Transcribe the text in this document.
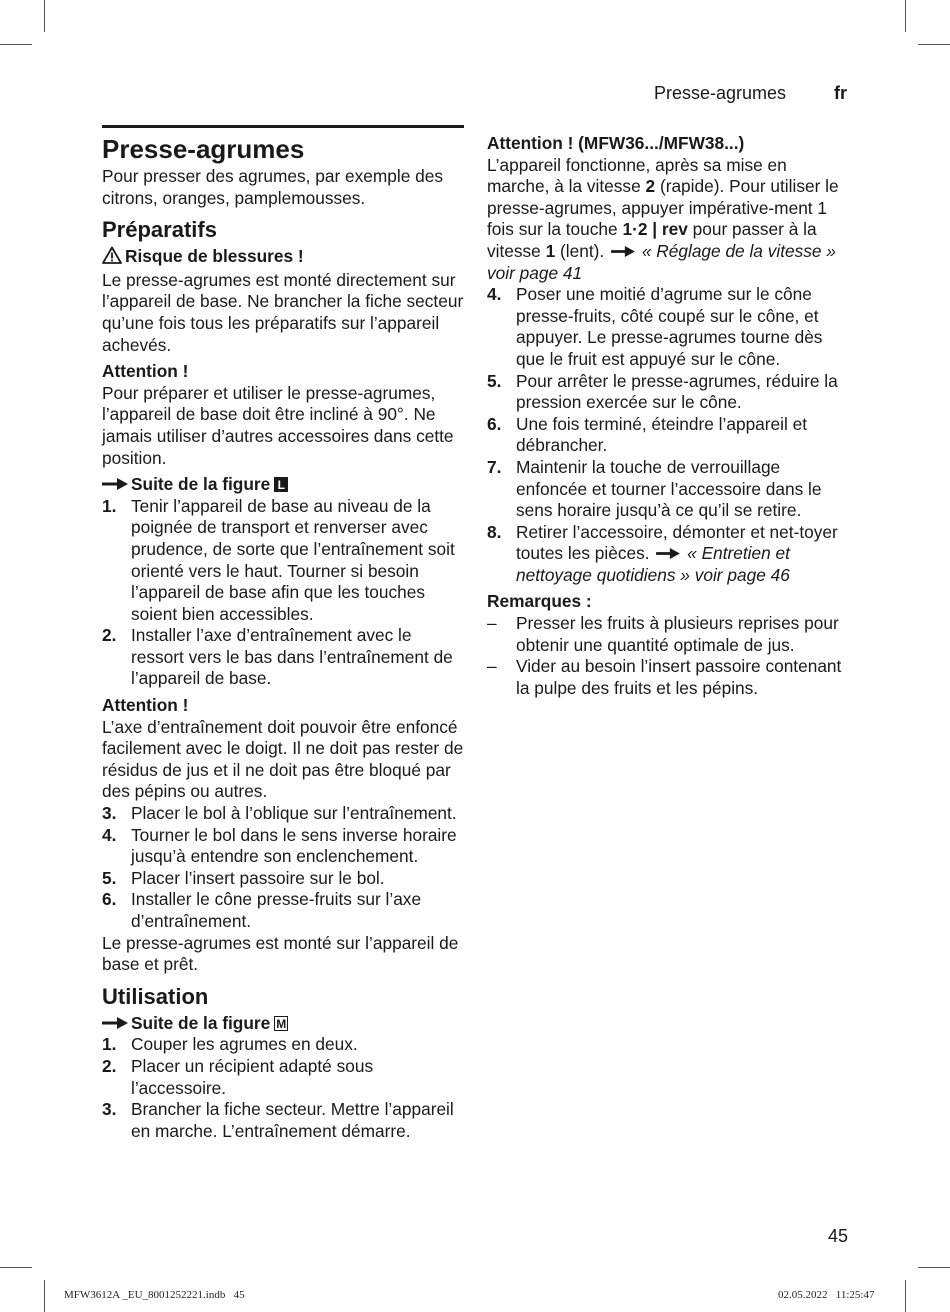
Presse-agrumes	fr
Presse-agrumes

Pour presser des agrumes, par exemple des citrons, oranges, pamplemousses.

Préparatifs
Risque de blessures !

Le presse-agrumes est monté directement sur l’appareil de base. Ne brancher la fiche secteur qu’une fois tous les préparatifs sur l’appareil achevés.

Attention !

Pour préparer et utiliser le presse-agrumes, l’appareil de base doit être incliné à 90°. Ne jamais utiliser d’autres accessoires dans cette position.

Suite de la figure L
1. Tenir l’appareil de base au niveau de la poignée de transport et renverser avec prudence, de sorte que l’entraînement soit orienté vers le haut. Tourner si besoin l’appareil de base afin que les touches soient bien accessibles.
2. Installer l’axe d’entraînement avec le ressort vers le bas dans l’entraînement de l’appareil de base.
Attention !

L’axe d’entraînement doit pouvoir être enfoncé facilement avec le doigt. Il ne doit pas rester de résidus de jus et il ne doit pas être bloqué par des pépins ou autres.

3. Placer le bol à l’oblique sur l’entraînement.
4. Tourner le bol dans le sens inverse horaire jusqu’à entendre son enclenchement.
5. Placer l’insert passoire sur le bol.
6. Installer le cône presse-fruits sur l’axe d’entraînement.

Le presse-agrumes est monté sur l’appareil de base et prêt.

Utilisation
Suite de la figure M
1. Couper les agrumes en deux.
2. Placer un récipient adapté sous l’accessoire.
3. Brancher la fiche secteur. Mettre l’appareil en marche. L’entraînement démarre.
Attention ! (MFW36.../MFW38...)

L’appareil fonctionne, après sa mise en marche, à la vitesse 2 (rapide). Pour utiliser le presse-agrumes, appuyer impérative-ment 1 fois sur la touche 1·2 | rev pour passer à la vitesse 1 (lent). « Réglage de la vitesse » voir page 41

4. Poser une moitié d’agrume sur le cône presse-fruits, côté coupé sur le cône, et appuyer. Le presse-agrumes tourne dès que le fruit est appuyé sur le cône.
5. Pour arrêter le presse-agrumes, réduire la pression exercée sur le cône.
6. Une fois terminé, éteindre l’appareil et débrancher.
7. Maintenir la touche de verrouillage enfoncée et tourner l’accessoire dans le sens horaire jusqu’à ce qu’il se retire.
8. Retirer l’accessoire, démonter et net-toyer toutes les pièces. « Entretien et nettoyage quotidiens » voir page 46
Remarques :
–	Presser les fruits à plusieurs reprises pour obtenir une quantité optimale de jus.
–	Vider au besoin l’insert passoire contenant la pulpe des fruits et les pépins.
45
MFW3612A _EU_8001252221.indb   45	02.05.2022   11:25:47
